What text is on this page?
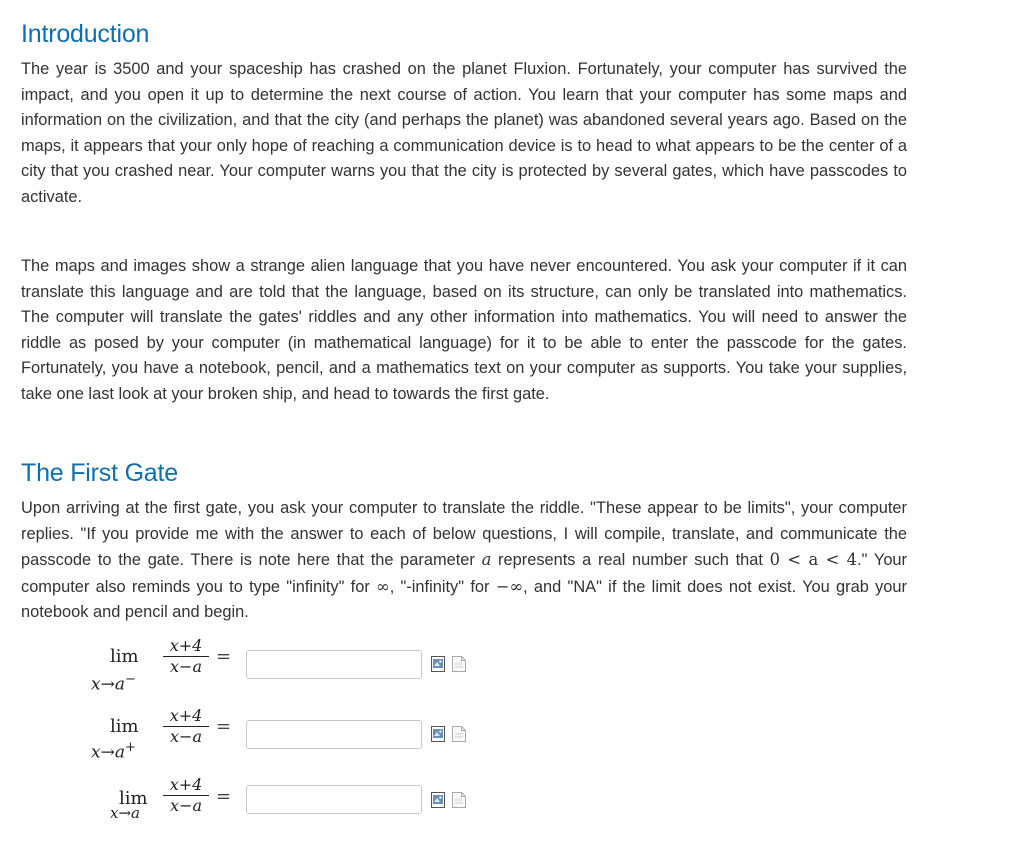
Introduction

The year is 3500 and your spaceship has crashed on the planet Fluxion. Fortunately, your computer has survived the impact, and you open it up to determine the next course of action. You learn that your computer has some maps and information on the civilization, and that the city (and perhaps the planet) was abandoned several years ago. Based on the maps, it appears that your only hope of reaching a communication device is to head to what appears to be the center of a city that you crashed near. Your computer warns you that the city is protected by several gates, which have passcodes to activate.

The maps and images show a strange alien language that you have never encountered. You ask your computer if it can translate this language and are told that the language, based on its structure, can only be translated into mathematics. The computer will translate the gates' riddles and any other information into mathematics. You will need to answer the riddle as posed by your computer (in mathematical language) for it to be able to enter the passcode for the gates. Fortunately, you have a notebook, pencil, and a mathematics text on your computer as supports. You take your supplies, take one last look at your broken ship, and head to towards the first gate.

The First Gate

Upon arriving at the first gate, you ask your computer to translate the riddle. "These appear to be limits", your computer replies. "If you provide me with the answer to each of below questions, I will compile, translate, and communicate the passcode to the gate. There is note here that the parameter a represents a real number such that 0 < a < 4." Your computer also reminds you to type "infinity" for ∞, "-infinity" for −∞, and "NA" if the limit does not exist. You grab your notebook and pencil and begin.

lim
x→a−
x+4
x−a =
lim
x→a+
x+4
x−a =
lim
x→a
x+4
x−a =
